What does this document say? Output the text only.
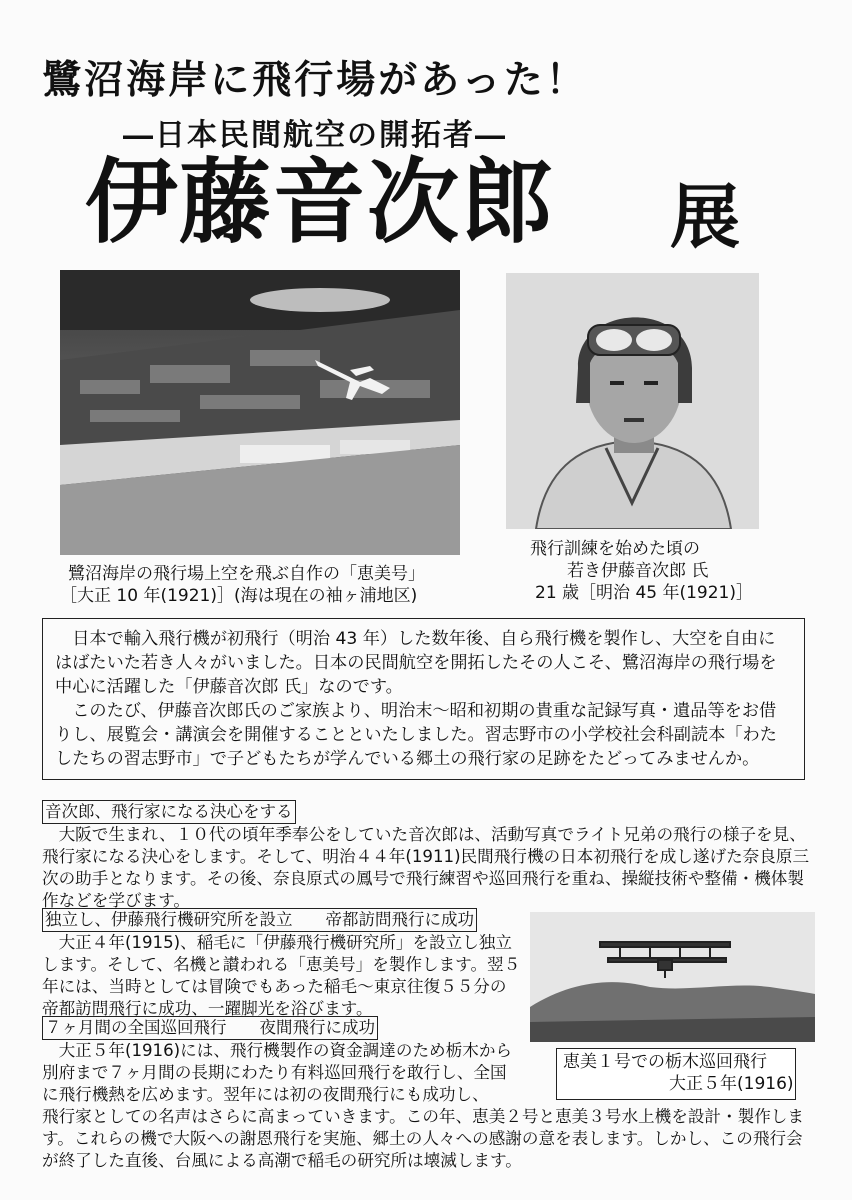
鷺沼海岸に飛行場があった！
―日本民間航空の開拓者―
伊藤音次郎 展
鷺沼海岸の飛行場上空を飛ぶ自作の「恵美号」
［大正 10 年(1921)］(海は現在の袖ヶ浦地区)
飛行訓練を始めた頃の
若き伊藤音次郎 氏
21 歳［明治 45 年(1921)］

日本で輸入飛行機が初飛行（明治 43 年）した数年後、自ら飛行機を製作し、大空を自由にはばたいた若き人々がいました。日本の民間航空を開拓したその人こそ、鷺沼海岸の飛行場を中心に活躍した「伊藤音次郎 氏」なのです。

このたび、伊藤音次郎氏のご家族より、明治末～昭和初期の貴重な記録写真・遺品等をお借りし、展覧会・講演会を開催することといたしました。習志野市の小学校社会科副読本「わたしたちの習志野市」で子どもたちが学んでいる郷土の飛行家の足跡をたどってみませんか。

音次郎、飛行家になる決心をする

　大阪で生まれ、１０代の頃年季奉公をしていた音次郎は、活動写真でライト兄弟の飛行の様子を見、飛行家になる決心をします。そして、明治４４年(1911)民間飛行機の日本初飛行を成し遂げた奈良原三次の助手となります。その後、奈良原式の鳳号で飛行練習や巡回飛行を重ね、操縦技術や整備・機体製作などを学びます。

独立し、伊藤飛行機研究所を設立　　帝都訪問飛行に成功

　大正４年(1915)、稲毛に「伊藤飛行機研究所」を設立し独立します。そして、名機と讃われる「恵美号」を製作します。翌５年には、当時としては冒険でもあった稲毛～東京往復５５分の帝都訪問飛行に成功、一躍脚光を浴びます。

７ヶ月間の全国巡回飛行　　夜間飛行に成功

　大正５年(1916)には、飛行機製作の資金調達のため栃木から別府まで７ヶ月間の長期にわたり有料巡回飛行を敢行し、全国に飛行機熱を広めます。翌年には初の夜間飛行にも成功し、

飛行家としての名声はさらに高まっていきます。この年、恵美２号と恵美３号水上機を設計・製作します。これらの機で大阪への謝恩飛行を実施、郷土の人々への感謝の意を表します。しかし、この飛行会が終了した直後、台風による高潮で稲毛の研究所は壊滅します。

恵美１号での栃木巡回飛行
大正５年(1916)
